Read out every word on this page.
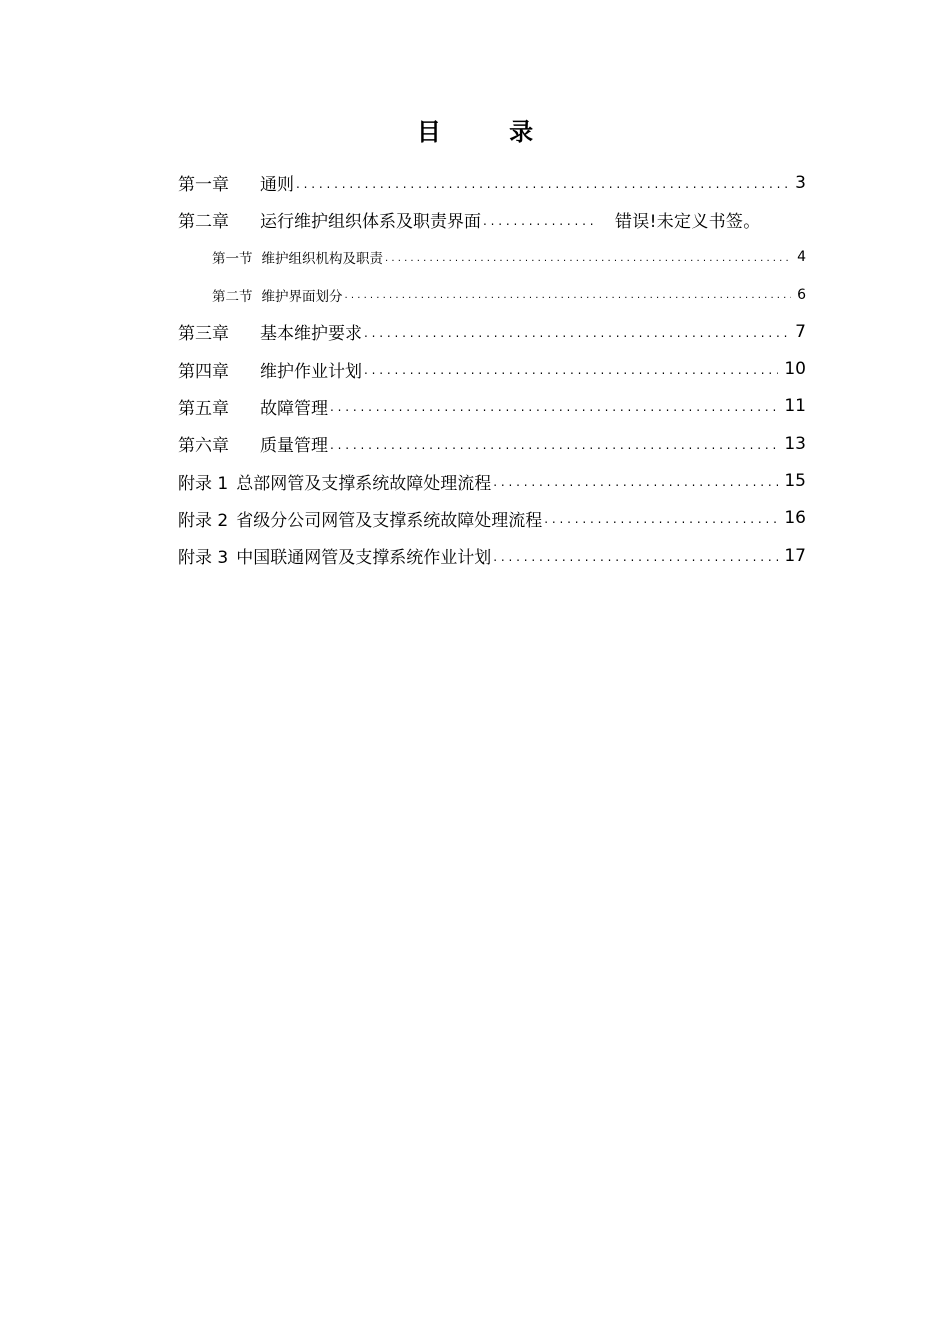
目 录
第一章 通则 . . .	3
第二章 运行维护组织体系及职责界面 . . .	错误!未定义书签。
第一节 维护组织机构及职责 . . .	4
第二节 维护界面划分 . . .	6
第三章 基本维护要求 . . .	7
第四章 维护作业计划 . . .	10
第五章 故障管理 . . .	11
第六章 质量管理 . . .	13
附录 1 总部网管及支撑系统故障处理流程 . . .	15
附录 2 省级分公司网管及支撑系统故障处理流程 . . .	16
附录 3 中国联通网管及支撑系统作业计划 . . .	17
